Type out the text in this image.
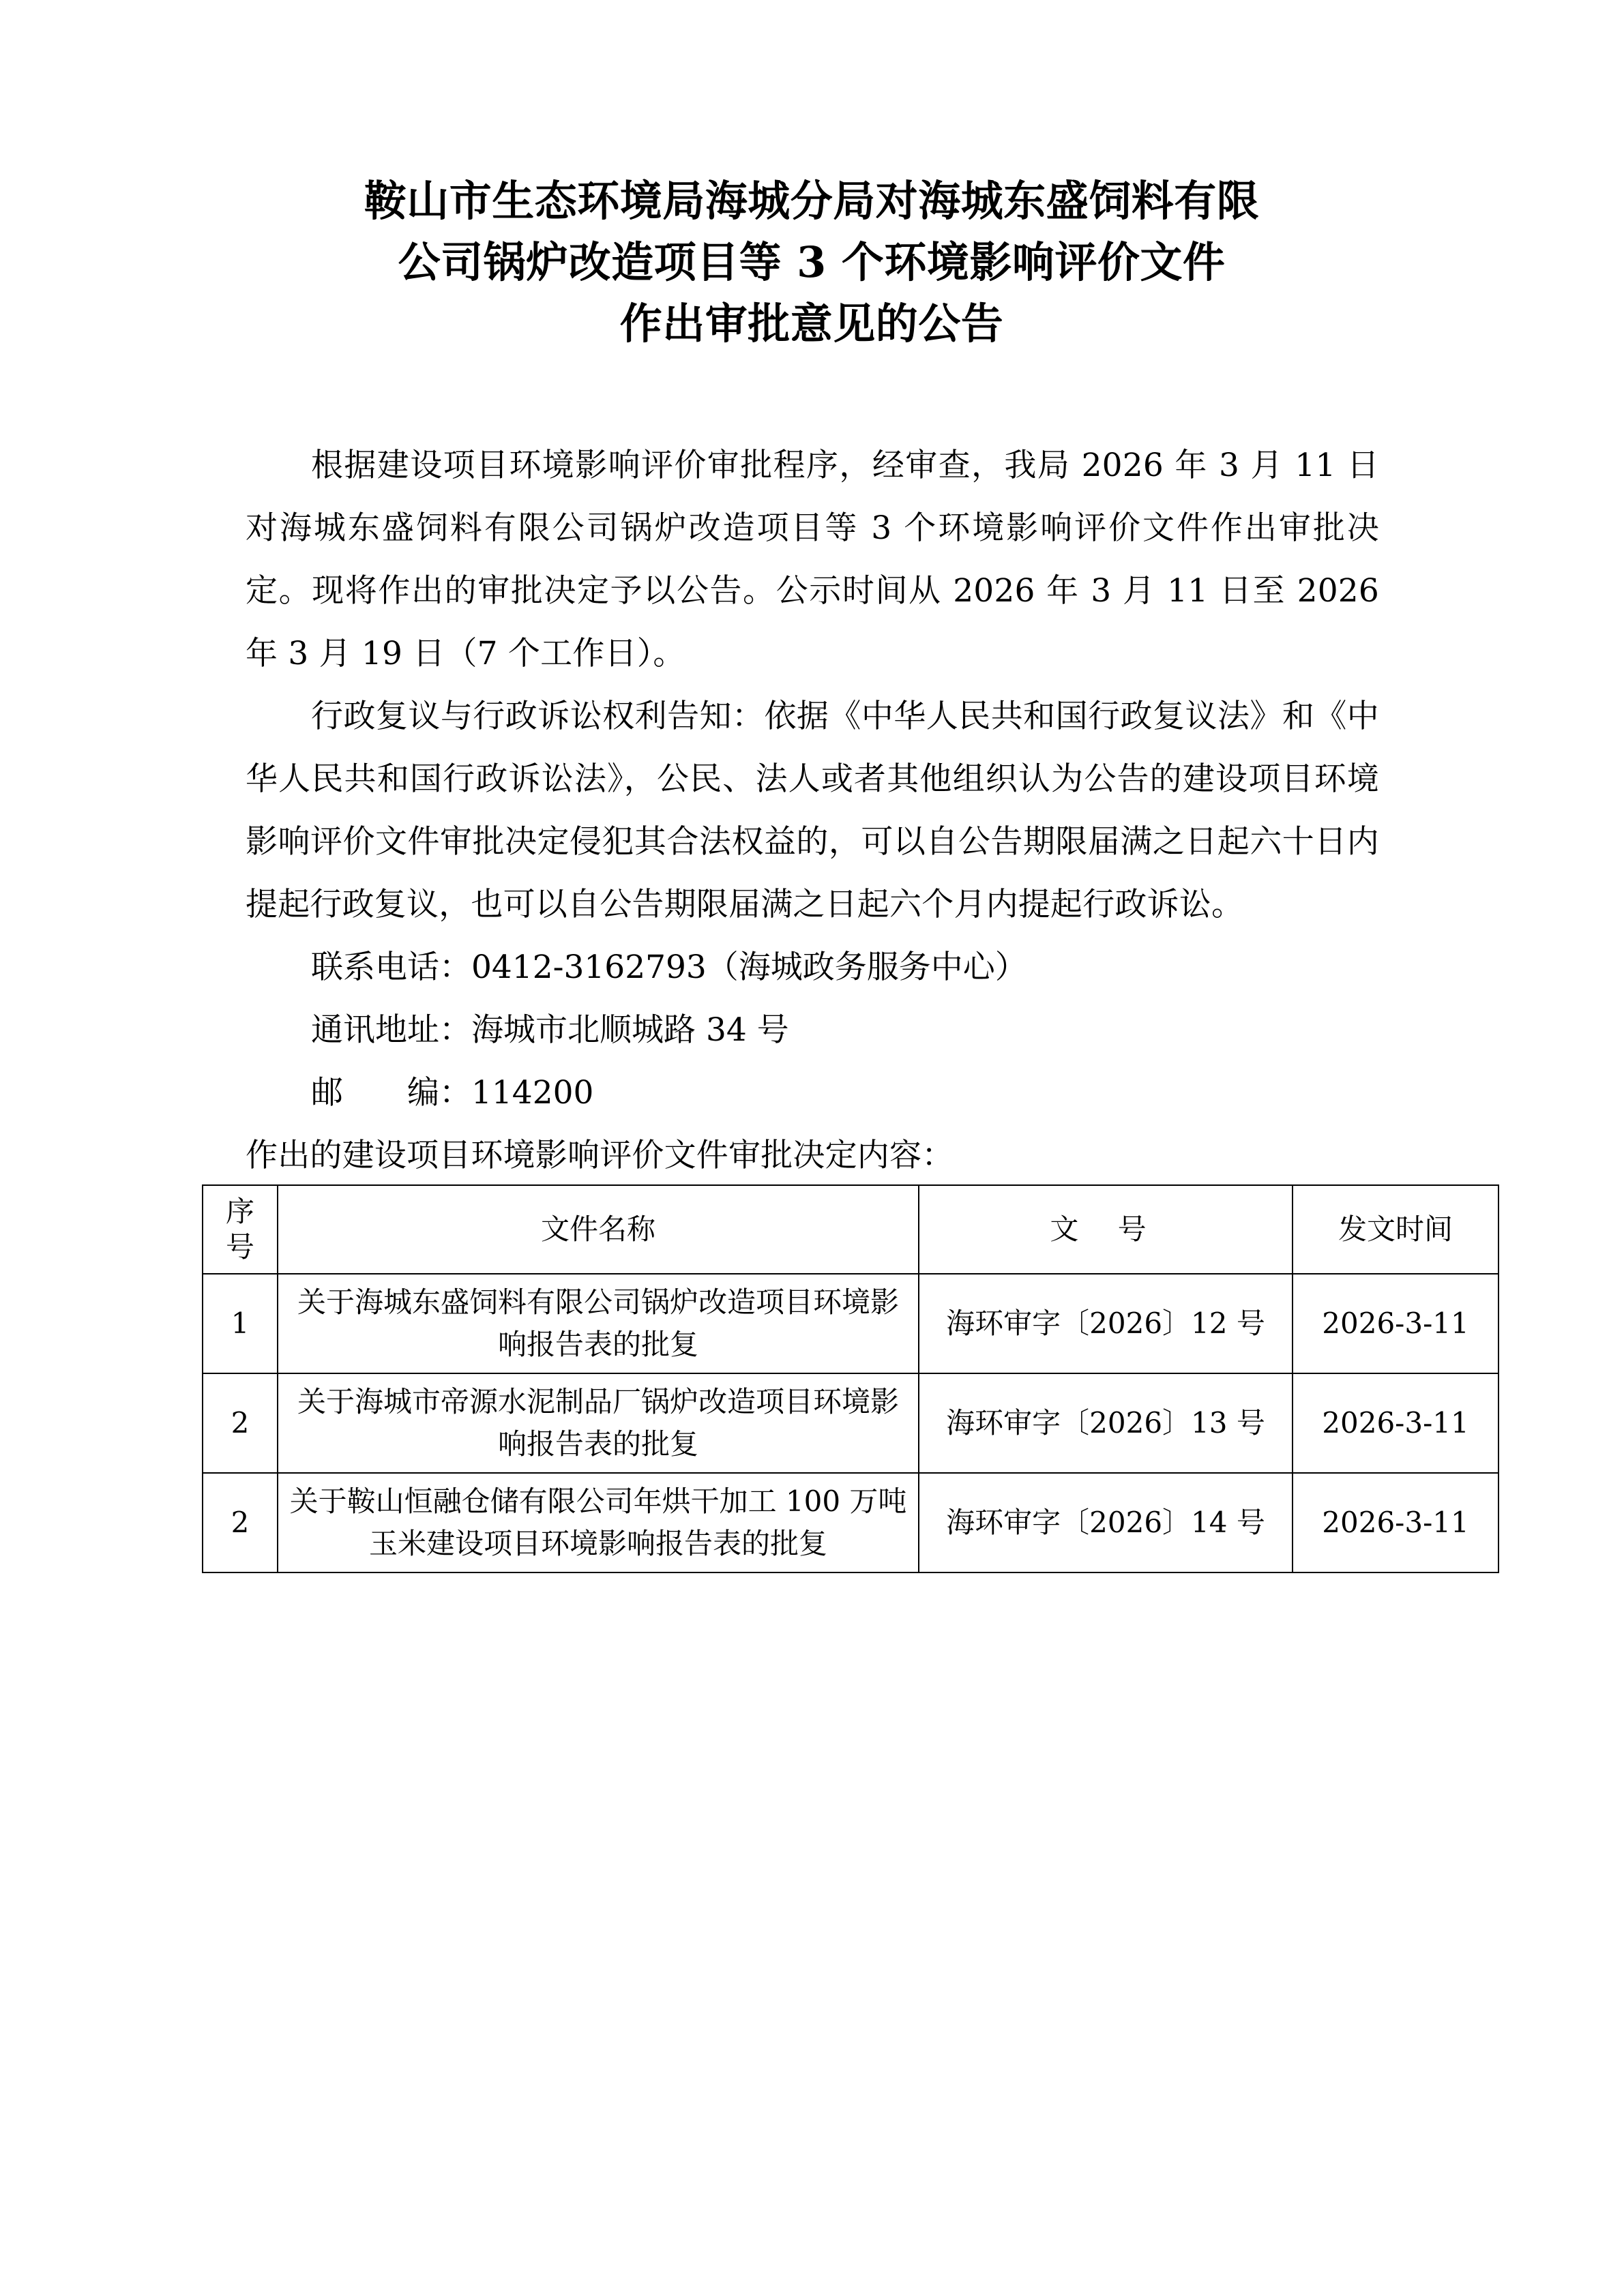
鞍山市生态环境局海城分局对海城东盛饲料有限
公司锅炉改造项目等 3 个环境影响评价文件
作出审批意见的公告

根据建设项目环境影响评价审批程序，经审查，我局 2026 年 3 月 11 日对海城东盛饲料有限公司锅炉改造项目等 3 个环境影响评价文件作出审批决定。现将作出的审批决定予以公告。公示时间从 2026 年 3 月 11 日至 2026 年 3 月 19 日（7 个工作日）。

行政复议与行政诉讼权利告知：依据《中华人民共和国行政复议法》和《中华人民共和国行政诉讼法》，公民、法人或者其他组织认为公告的建设项目环境影响评价文件审批决定侵犯其合法权益的，可以自公告期限届满之日起六十日内提起行政复议，也可以自公告期限届满之日起六个月内提起行政诉讼。

联系电话：0412-3162793（海城政务服务中心）

通讯地址：海城市北顺城路 34 号

邮　　编：114200

作出的建设项目环境影响评价文件审批决定内容：

序
号	文件名称	文 号	发文时间
1	关于海城东盛饲料有限公司锅炉改造项目环境影响报告表的批复	海环审字〔2026〕12 号	2026-3-11
2	关于海城市帝源水泥制品厂锅炉改造项目环境影响报告表的批复	海环审字〔2026〕13 号	2026-3-11
2	关于鞍山恒融仓储有限公司年烘干加工 100 万吨玉米建设项目环境影响报告表的批复	海环审字〔2026〕14 号	2026-3-11
